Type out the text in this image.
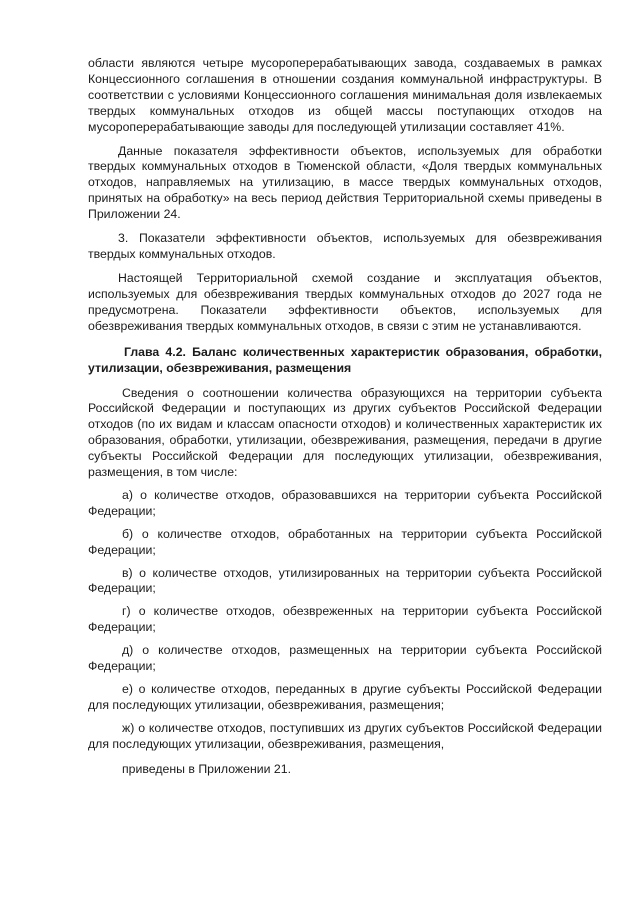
области являются четыре мусороперерабатывающих завода, создаваемых в рамках Концессионного соглашения в отношении создания коммунальной инфраструктуры. В соответствии с условиями Концессионного соглашения минимальная доля извлекаемых твердых коммунальных отходов из общей массы поступающих отходов на мусороперерабатывающие заводы для последующей утилизации составляет 41%.

Данные показателя эффективности объектов, используемых для обработки твердых коммунальных отходов в Тюменской области, «Доля твердых коммунальных отходов, направляемых на утилизацию, в массе твердых коммунальных отходов, принятых на обработку» на весь период действия Территориальной схемы приведены в Приложении 24.

3. Показатели эффективности объектов, используемых для обезвреживания твердых коммунальных отходов.

Настоящей Территориальной схемой создание и эксплуатация объектов, используемых для обезвреживания твердых коммунальных отходов до 2027 года не предусмотрена. Показатели эффективности объектов, используемых для обезвреживания твердых коммунальных отходов, в связи с этим не устанавливаются.

Глава 4.2. Баланс количественных характеристик образования, обработки, утилизации, обезвреживания, размещения

Сведения о соотношении количества образующихся на территории субъекта Российской Федерации и поступающих из других субъектов Российской Федерации отходов (по их видам и классам опасности отходов) и количественных характеристик их образования, обработки, утилизации, обезвреживания, размещения, передачи в другие субъекты Российской Федерации для последующих утилизации, обезвреживания, размещения, в том числе:

а) о количестве отходов, образовавшихся на территории субъекта Российской Федерации;

б) о количестве отходов, обработанных на территории субъекта Российской Федерации;

в) о количестве отходов, утилизированных на территории субъекта Российской Федерации;

г) о количестве отходов, обезвреженных на территории субъекта Российской Федерации;

д) о количестве отходов, размещенных на территории субъекта Российской Федерации;

е) о количестве отходов, переданных в другие субъекты Российской Федерации для последующих утилизации, обезвреживания, размещения;

ж) о количестве отходов, поступивших из других субъектов Российской Федерации для последующих утилизации, обезвреживания, размещения,

приведены в Приложении 21.
